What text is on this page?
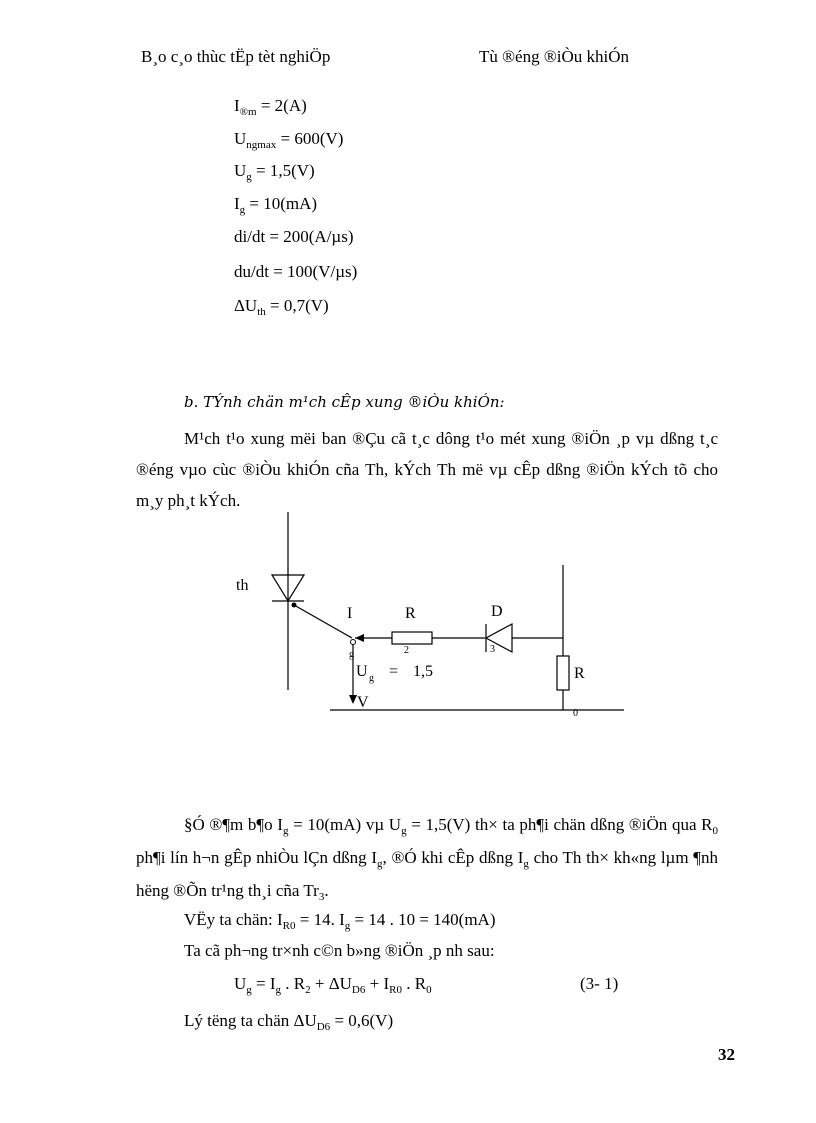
B¸o c¸o thùc tËp tèt nghiÖp	Tù ®éng ®iÒu khiÓn
$I_{®m} = 2(A)$
$U_{ngmax} = 600(V)$
$U_g = 1,5(V)$
$I_g = 10(mA)$
di/dt = 200(A/µs)
du/dt = 100(V/µs)
$\Delta U_{th} = 0,7(V)$
b. TÝnh chän m¹ch cÊp xung ®iÒu khiÓn:
M¹ch t¹o xung mëi ban ®Çu cã t¸c dông t¹o mét xung ®iÖn ¸p vµ dßng t¸c ®éng vµo cùc ®iÒu khiÓn cña Th, kÝch Th më vµ cÊp dßng ®iÖn kÝch tõ cho m¸y ph¸t kÝch.
th
I	R	D
g	2	3
U g = 1,5
V
R
0
§Ó ®¶m b¶o $I_g = 10(mA)$ vµ $U_g = 1,5(V)$ th× ta ph¶i chän dßng ®iÖn qua $R_0$ ph¶i lín h¬n gÊp nhiÒu lÇn dßng $I_g$, ®Ó khi cÊp dßng $I_g$ cho Th th× kh«ng lµm ¶nh hëng ®Õn tr¹ng th¸i cña $Tr_3$.
VËy ta chän: $I_{R0} = 14$. $I_g = 14$ . 10 = 140(mA)
Ta cã ph¬ng tr×nh c©n b»ng ®iÖn ¸p nh sau:
$U_g = I_g$ . $R_2 + \Delta U_{D6} + I_{R0}$ . $R_0$	(3- 1)
Lý tëng ta chän $\Delta U_{D6} = 0,6(V)$
32
